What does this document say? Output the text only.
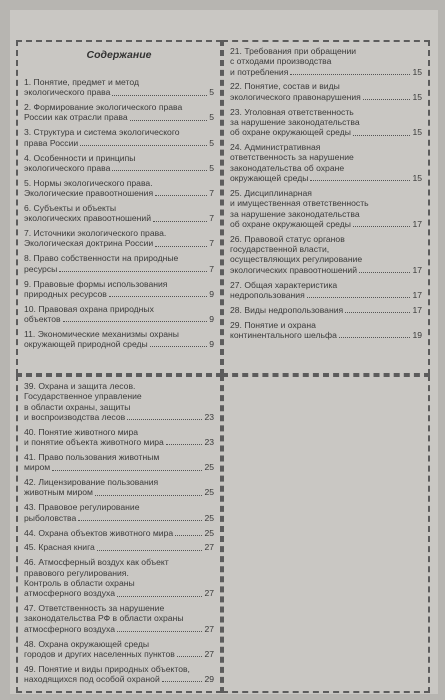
Содержание
1. Понятие, предмет и метод
экологического права	5
2. Формирование экологического права
России как отрасли права	5
3. Структура и система экологического
права России	5
4. Особенности и принципы
экологического права	5
5. Нормы экологического права.
Экологические правоотношения	7
6. Субъекты и объекты
экологических правоотношений	7
7. Источники экологического права.
Экологическая доктрина России	7
8. Право собственности на природные
ресурсы	7
9. Правовые формы использования
природных ресурсов	9
10. Правовая охрана природных
объектов	9
11. Экономические механизмы охраны
окружающей природной среды	9
21. Требования при обращении
с отходами производства
и потребления	15
22. Понятие, состав и виды
экологического правонарушения	15
23. Уголовная ответственность
за нарушение законодательства
об охране окружающей среды	15
24. Административная
ответственность за нарушение
законодательства об охране
окружающей среды	15
25. Дисциплинарная
и имущественная ответственность
за нарушение законодательства
об охране окружающей среды	17
26. Правовой статус органов
государственной власти,
осуществляющих регулирование
экологических правоотношений	17
27. Общая характеристика
недропользования	17
28. Виды недропользования	17
29. Понятие и охрана
континентального шельфа	19
39. Охрана и защита лесов.
Государственное управление
в области охраны, защиты
и воспроизводства лесов	23
40. Понятие животного мира
и понятие объекта животного мира	23
41. Право пользования животным
миром	25
42. Лицензирование пользования
животным миром	25
43. Правовое регулирование
рыболовства	25
44. Охрана объектов животного мира	25
45. Красная книга	27
46. Атмосферный воздух как объект
правового регулирования.
Контроль в области охраны
атмосферного воздуха	27
47. Ответственность за нарушение
законодательства РФ в области охраны
атмосферного воздуха	27
48. Охрана окружающей среды
городов и других населенных пунктов	27
49. Понятие и виды природных объектов,
находящихся под особой охраной	29
